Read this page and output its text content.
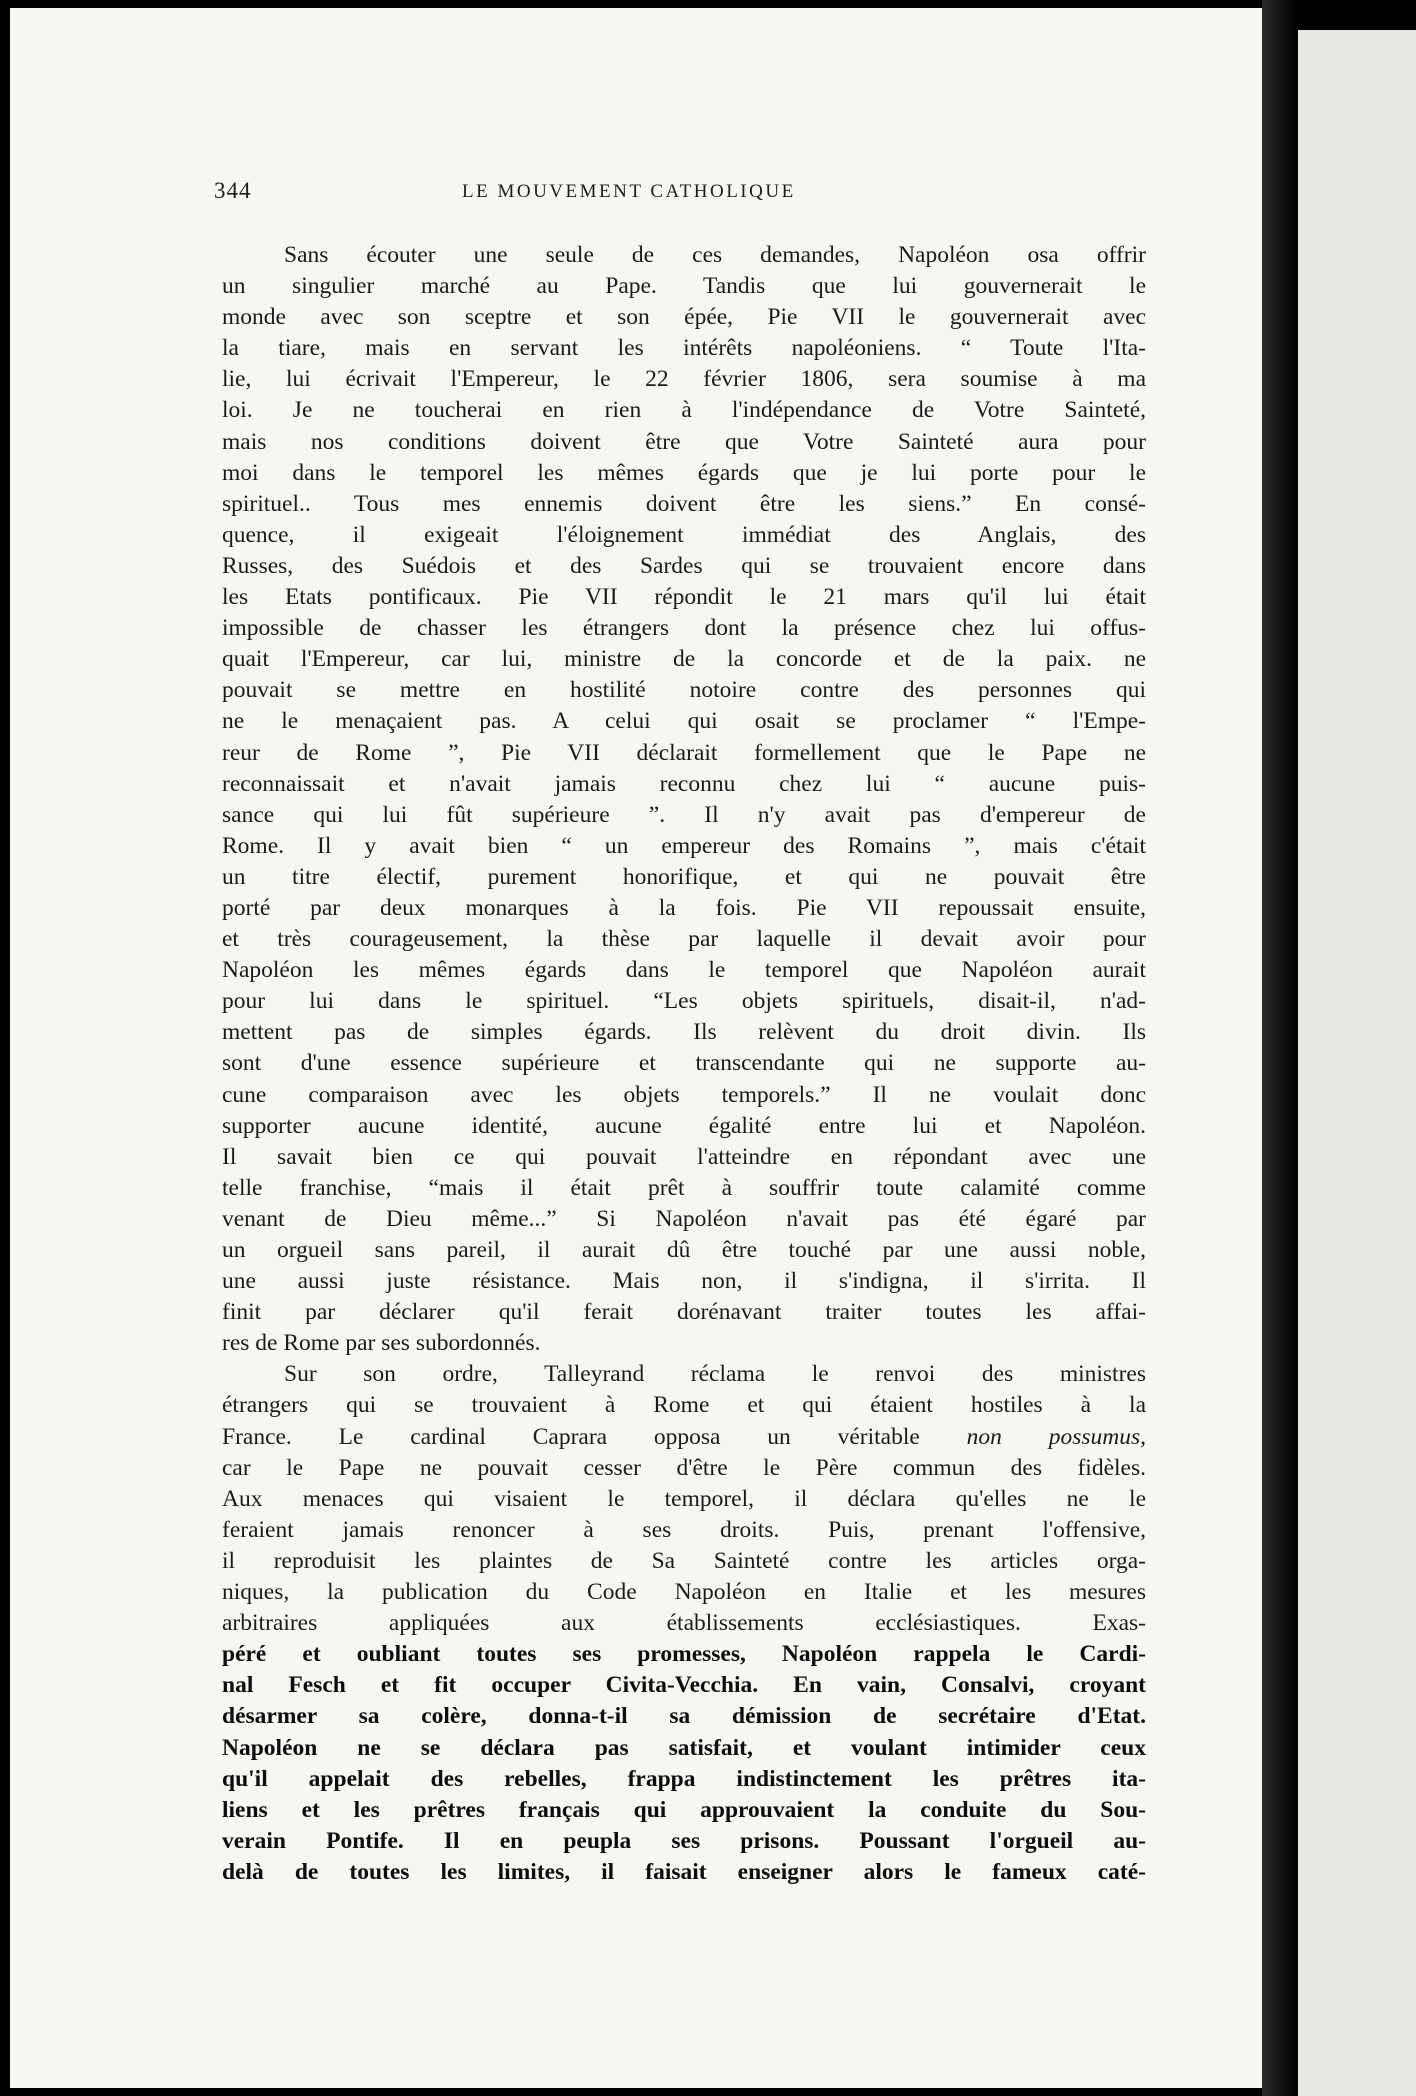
344	LE MOUVEMENT CATHOLIQUE
Sans écouter une seule de ces demandes, Napoléon osa offrir
un singulier marché au Pape. Tandis que lui gouvernerait le
monde avec son sceptre et son épée, Pie VII le gouvernerait avec
la tiare, mais en servant les intérêts napoléoniens. “ Toute l'Ita-
lie, lui écrivait l'Empereur, le 22 février 1806, sera soumise à ma
loi. Je ne toucherai en rien à l'indépendance de Votre Sainteté,
mais nos conditions doivent être que Votre Sainteté aura pour
moi dans le temporel les mêmes égards que je lui porte pour le
spirituel.. Tous mes ennemis doivent être les siens.” En consé-
quence, il exigeait l'éloignement immédiat des Anglais, des
Russes, des Suédois et des Sardes qui se trouvaient encore dans
les Etats pontificaux. Pie VII répondit le 21 mars qu'il lui était
impossible de chasser les étrangers dont la présence chez lui offus-
quait l'Empereur, car lui, ministre de la concorde et de la paix. ne
pouvait se mettre en hostilité notoire contre des personnes qui
ne le menaçaient pas. A celui qui osait se proclamer “ l'Empe-
reur de Rome ”, Pie VII déclarait formellement que le Pape ne
reconnaissait et n'avait jamais reconnu chez lui “ aucune puis-
sance qui lui fût supérieure ”. Il n'y avait pas d'empereur de
Rome. Il y avait bien “ un empereur des Romains ”, mais c'était
un titre électif, purement honorifique, et qui ne pouvait être
porté par deux monarques à la fois. Pie VII repoussait ensuite,
et très courageusement, la thèse par laquelle il devait avoir pour
Napoléon les mêmes égards dans le temporel que Napoléon aurait
pour lui dans le spirituel. “Les objets spirituels, disait-il, n'ad-
mettent pas de simples égards. Ils relèvent du droit divin. Ils
sont d'une essence supérieure et transcendante qui ne supporte au-
cune comparaison avec les objets temporels.” Il ne voulait donc
supporter aucune identité, aucune égalité entre lui et Napoléon.
Il savait bien ce qui pouvait l'atteindre en répondant avec une
telle franchise, “mais il était prêt à souffrir toute calamité comme
venant de Dieu même...” Si Napoléon n'avait pas été égaré par
un orgueil sans pareil, il aurait dû être touché par une aussi noble,
une aussi juste résistance. Mais non, il s'indigna, il s'irrita. Il
finit par déclarer qu'il ferait dorénavant traiter toutes les affai-
res de Rome par ses subordonnés.
Sur son ordre, Talleyrand réclama le renvoi des ministres
étrangers qui se trouvaient à Rome et qui étaient hostiles à la
France. Le cardinal Caprara opposa un véritable non possumus,
car le Pape ne pouvait cesser d'être le Père commun des fidèles.
Aux menaces qui visaient le temporel, il déclara qu'elles ne le
feraient jamais renoncer à ses droits. Puis, prenant l'offensive,
il reproduisit les plaintes de Sa Sainteté contre les articles orga-
niques, la publication du Code Napoléon en Italie et les mesures
arbitraires appliquées aux établissements ecclésiastiques. Exas-
péré et oubliant toutes ses promesses, Napoléon rappela le Cardi-
nal Fesch et fit occuper Civita-Vecchia. En vain, Consalvi, croyant
désarmer sa colère, donna-t-il sa démission de secrétaire d'Etat.
Napoléon ne se déclara pas satisfait, et voulant intimider ceux
qu'il appelait des rebelles, frappa indistinctement les prêtres ita-
liens et les prêtres français qui approuvaient la conduite du Sou-
verain Pontife. Il en peupla ses prisons. Poussant l'orgueil au-
delà de toutes les limites, il faisait enseigner alors le fameux caté-
